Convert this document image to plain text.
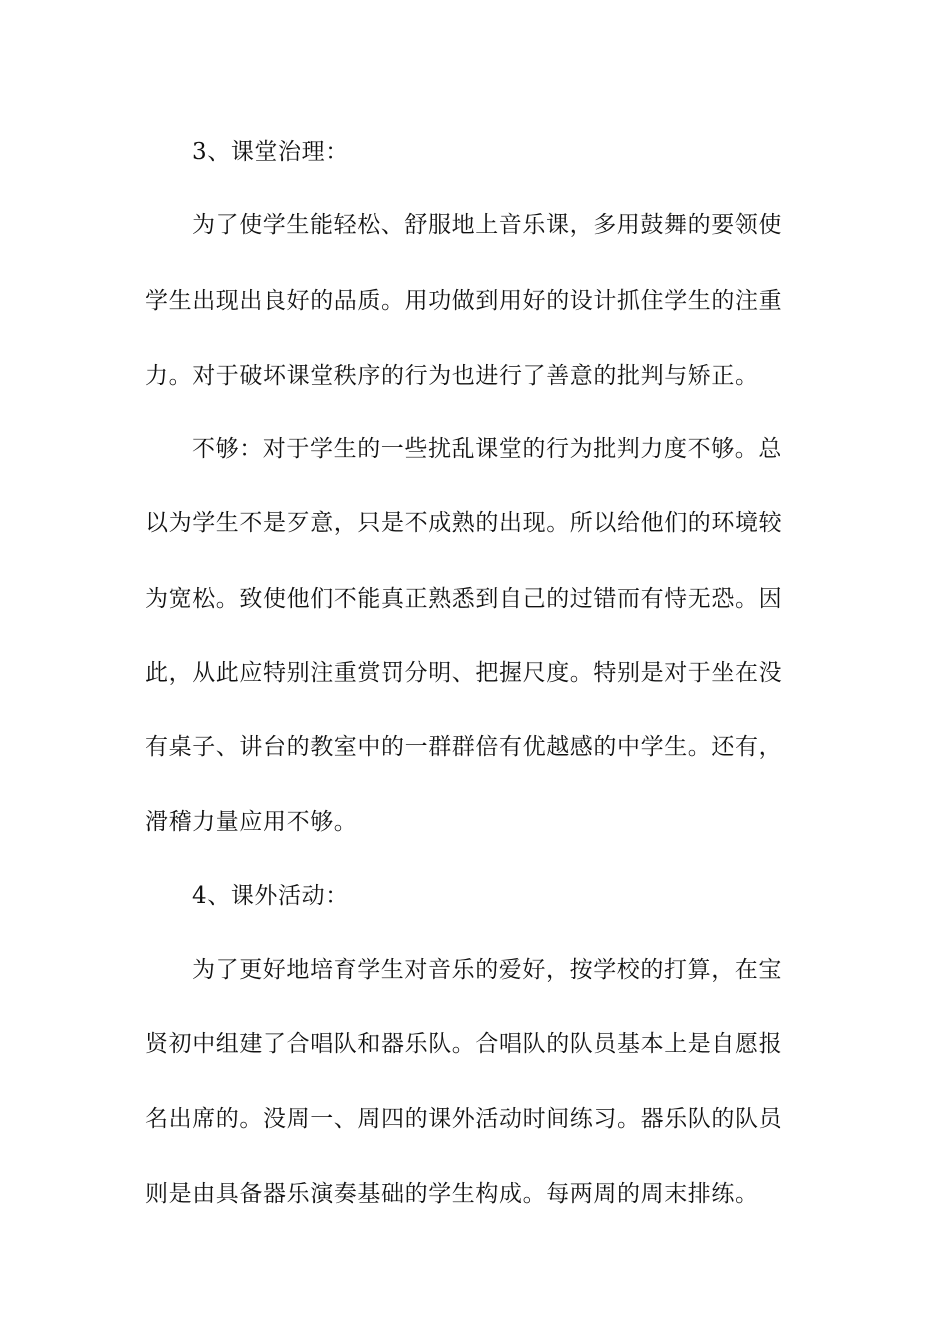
3、课堂治理：
为了使学生能轻松、舒服地上音乐课，多用鼓舞的要领使
学生出现出良好的品质。用功做到用好的设计抓住学生的注重
力。对于破坏课堂秩序的行为也进行了善意的批判与矫正。
不够：对于学生的一些扰乱课堂的行为批判力度不够。总
以为学生不是歹意，只是不成熟的出现。所以给他们的环境较
为宽松。致使他们不能真正熟悉到自己的过错而有恃无恐。因
此，从此应特别注重赏罚分明、把握尺度。特别是对于坐在没
有桌子、讲台的教室中的一群群倍有优越感的中学生。还有，
滑稽力量应用不够。
4、课外活动：
为了更好地培育学生对音乐的爱好，按学校的打算，在宝
贤初中组建了合唱队和器乐队。合唱队的队员基本上是自愿报
名出席的。没周一、周四的课外活动时间练习。器乐队的队员
则是由具备器乐演奏基础的学生构成。每两周的周末排练。
